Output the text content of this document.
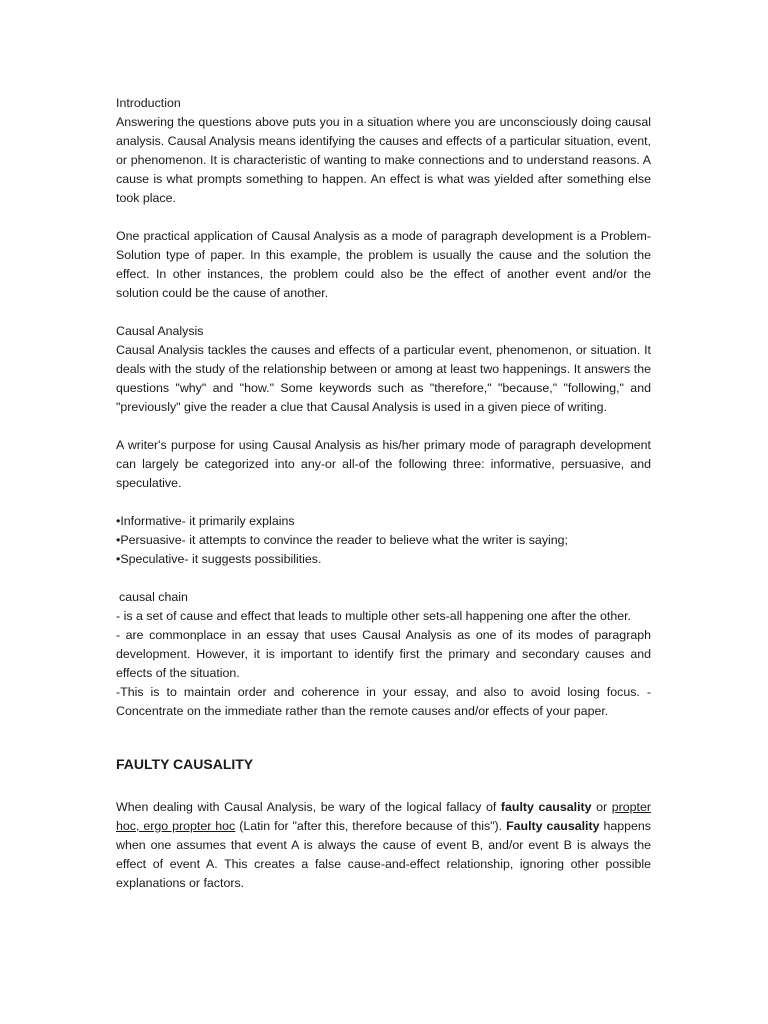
Introduction

Answering the questions above puts you in a situation where you are unconsciously doing causal analysis. Causal Analysis means identifying the causes and effects of a particular situation, event, or phenomenon. It is characteristic of wanting to make connections and to understand reasons. A cause is what prompts something to happen. An effect is what was yielded after something else took place.

One practical application of Causal Analysis as a mode of paragraph development is a Problem-Solution type of paper. In this example, the problem is usually the cause and the solution the effect. In other instances, the problem could also be the effect of another event and/or the solution could be the cause of another.

Causal Analysis

Causal Analysis tackles the causes and effects of a particular event, phenomenon, or situation. It deals with the study of the relationship between or among at least two happenings. It answers the questions "why" and "how." Some keywords such as "therefore," "because," "following," and "previously" give the reader a clue that Causal Analysis is used in a given piece of writing.

A writer's purpose for using Causal Analysis as his/her primary mode of paragraph development can largely be categorized into any-or all-of the following three: informative, persuasive, and speculative.

•Informative- it primarily explains

•Persuasive- it attempts to convince the reader to believe what the writer is saying;

•Speculative- it suggests possibilities.

causal chain

- is a set of cause and effect that leads to multiple other sets-all happening one after the other.

- are commonplace in an essay that uses Causal Analysis as one of its modes of paragraph development. However, it is important to identify first the primary and secondary causes and effects of the situation.

-This is to maintain order and coherence in your essay, and also to avoid losing focus. -Concentrate on the immediate rather than the remote causes and/or effects of your paper.

FAULTY CAUSALITY

When dealing with Causal Analysis, be wary of the logical fallacy of faulty causality or propter hoc, ergo propter hoc (Latin for "after this, therefore because of this"). Faulty causality happens when one assumes that event A is always the cause of event B, and/or event B is always the effect of event A. This creates a false cause-and-effect relationship, ignoring other possible explanations or factors.
